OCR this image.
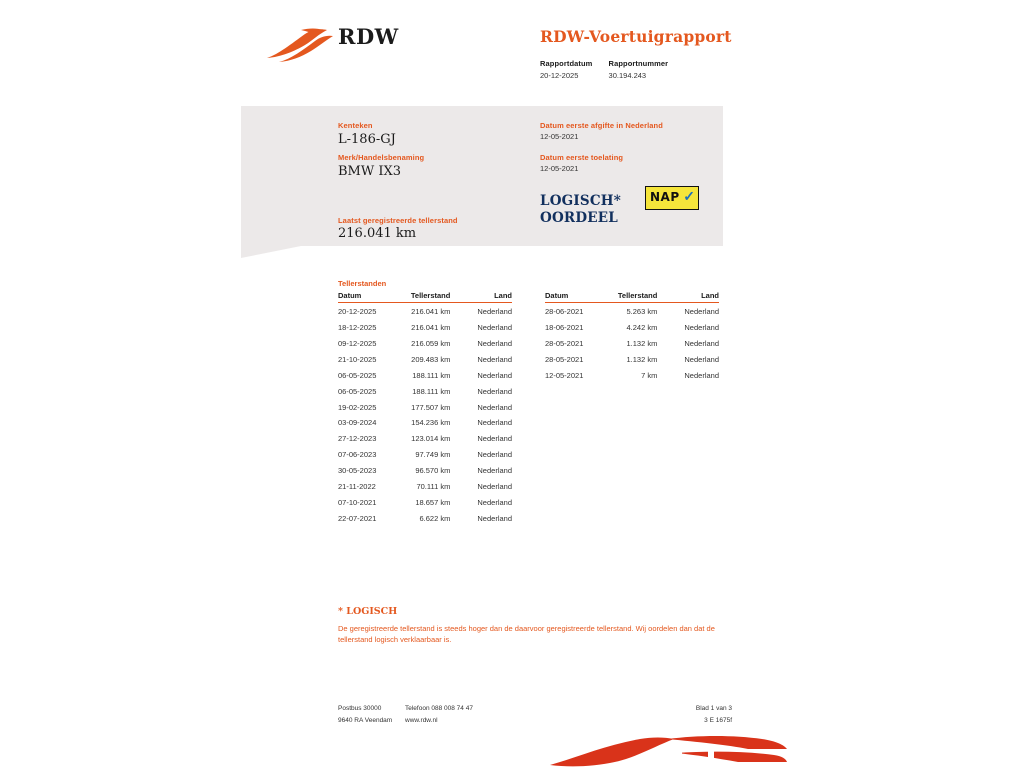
RDW	RDW-Voertuigrapport
Rapportdatum
20-12-2025

Rapportnummer
30.194.243
Kenteken
L-186-GJ
Merk/Handelsbenaming
BMW IX3
Laatst geregistreerde tellerstand
216.041 km
Datum eerste afgifte in Nederland
12-05-2021
Datum eerste toelating
12-05-2021
LOGISCH*
OORDEEL
NAP ✓
Tellerstanden
Datum	Tellerstand	Land
20-12-2025	216.041 km	Nederland
18-12-2025	216.041 km	Nederland
09-12-2025	216.059 km	Nederland
21-10-2025	209.483 km	Nederland
06-05-2025	188.111 km	Nederland
06-05-2025	188.111 km	Nederland
19-02-2025	177.507 km	Nederland
03-09-2024	154.236 km	Nederland
27-12-2023	123.014 km	Nederland
07-06-2023	97.749 km	Nederland
30-05-2023	96.570 km	Nederland
21-11-2022	70.111 km	Nederland
07-10-2021	18.657 km	Nederland
22-07-2021	6.622 km	Nederland
Datum	Tellerstand	Land
28-06-2021	5.263 km	Nederland
18-06-2021	4.242 km	Nederland
28-05-2021	1.132 km	Nederland
28-05-2021	1.132 km	Nederland
12-05-2021	7 km	Nederland
* LOGISCH
De geregistreerde tellerstand is steeds hoger dan de daarvoor geregistreerde tellerstand. Wij oordelen dan dat de tellerstand logisch verklaarbaar is.
Postbus 30000
9640 RA Veendam
Telefoon 088 008 74 47
www.rdw.nl
Blad 1 van 3
3 E 1675f
